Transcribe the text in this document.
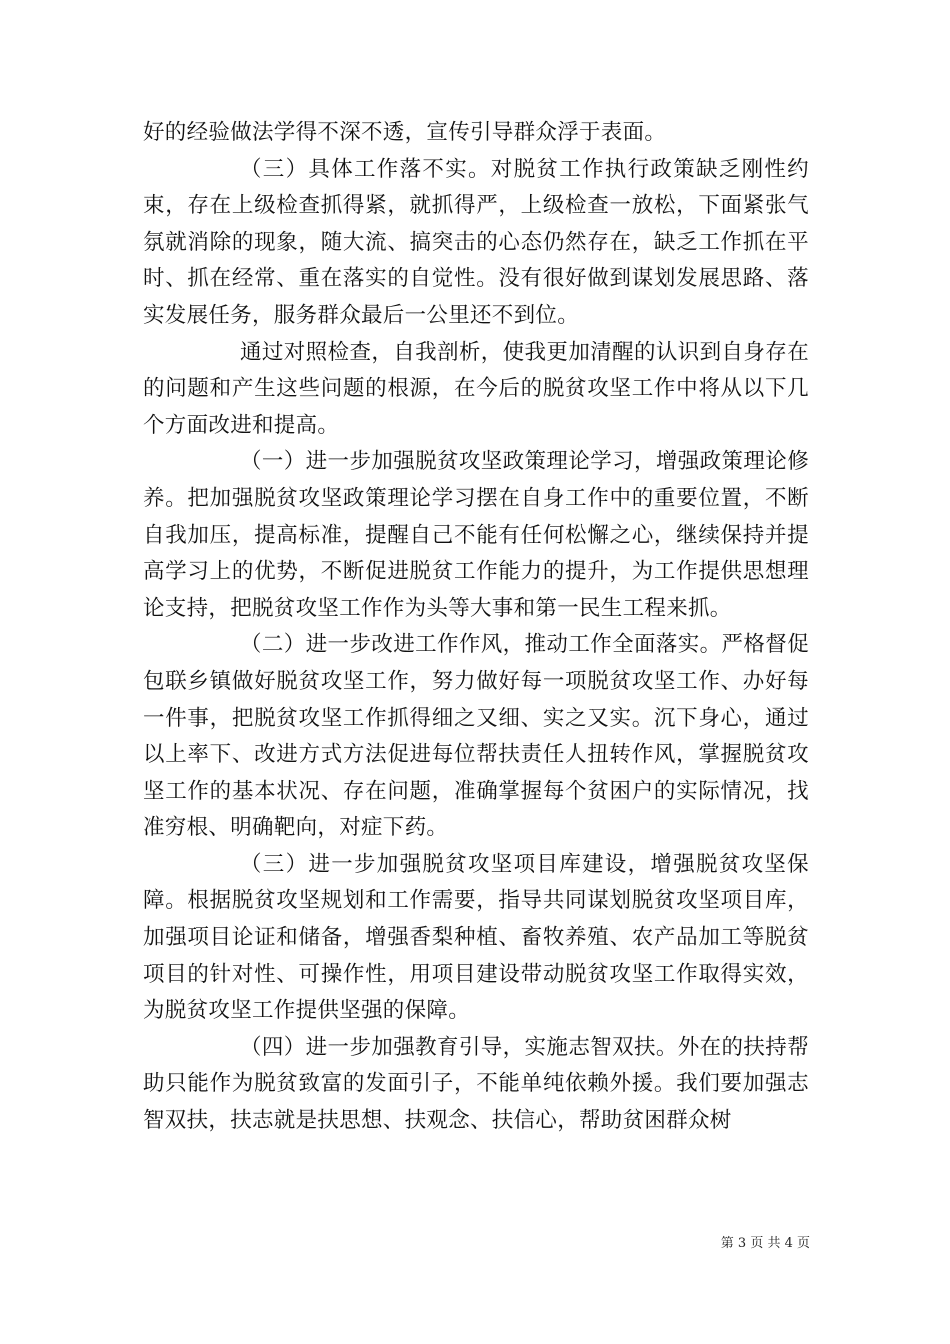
好的经验做法学得不深不透，宣传引导群众浮于表面。

（三）具体工作落不实。对脱贫工作执行政策缺乏刚性约束，存在上级检查抓得紧，就抓得严，上级检查一放松，下面紧张气氛就消除的现象，随大流、搞突击的心态仍然存在，缺乏工作抓在平时、抓在经常、重在落实的自觉性。没有很好做到谋划发展思路、落实发展任务，服务群众最后一公里还不到位。

通过对照检查，自我剖析，使我更加清醒的认识到自身存在的问题和产生这些问题的根源，在今后的脱贫攻坚工作中将从以下几个方面改进和提高。

（一）进一步加强脱贫攻坚政策理论学习，增强政策理论修养。把加强脱贫攻坚政策理论学习摆在自身工作中的重要位置，不断自我加压，提高标准，提醒自己不能有任何松懈之心，继续保持并提高学习上的优势，不断促进脱贫工作能力的提升，为工作提供思想理论支持，把脱贫攻坚工作作为头等大事和第一民生工程来抓。

（二）进一步改进工作作风，推动工作全面落实。严格督促包联乡镇做好脱贫攻坚工作，努力做好每一项脱贫攻坚工作、办好每一件事，把脱贫攻坚工作抓得细之又细、实之又实。沉下身心，通过以上率下、改进方式方法促进每位帮扶责任人扭转作风，掌握脱贫攻坚工作的基本状况、存在问题，准确掌握每个贫困户的实际情况，找准穷根、明确靶向，对症下药。

（三）进一步加强脱贫攻坚项目库建设，增强脱贫攻坚保障。根据脱贫攻坚规划和工作需要，指导共同谋划脱贫攻坚项目库，加强项目论证和储备，增强香梨种植、畜牧养殖、农产品加工等脱贫项目的针对性、可操作性，用项目建设带动脱贫攻坚工作取得实效，为脱贫攻坚工作提供坚强的保障。

（四）进一步加强教育引导，实施志智双扶。外在的扶持帮助只能作为脱贫致富的发面引子，不能单纯依赖外援。我们要加强志智双扶，扶志就是扶思想、扶观念、扶信心，帮助贫困群众树

第 3 页 共 4 页
